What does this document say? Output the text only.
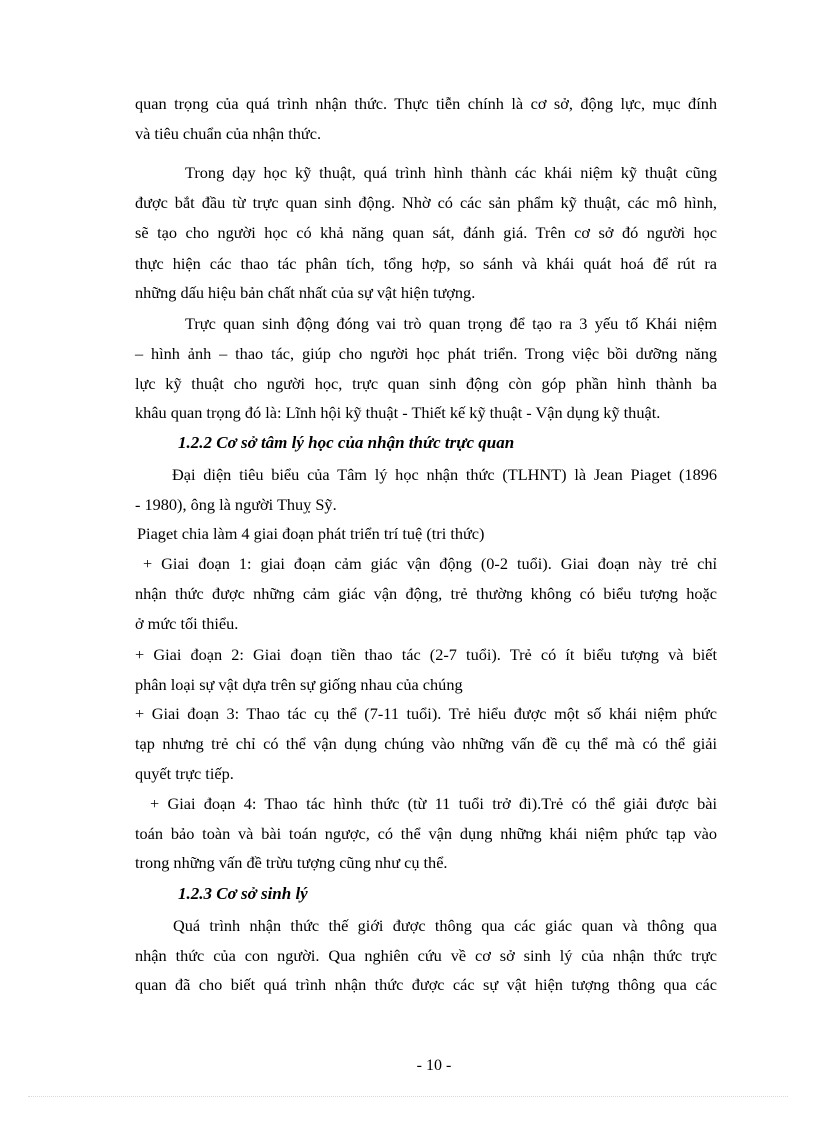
quan trọng của quá trình nhận thức. Thực tiễn chính là cơ sở, động lực, mục đính
và tiêu chuẩn của nhận thức.
Trong dạy học kỹ thuật, quá trình hình thành các khái niệm kỹ thuật cũng
được bắt đầu từ trực quan sinh động. Nhờ có các sản phẩm kỹ thuật, các mô hình,
sẽ tạo cho người học có khả năng quan sát, đánh giá. Trên cơ sở đó người học
thực hiện các thao tác phân tích, tổng hợp, so sánh và khái quát hoá để rút ra
những dấu hiệu bản chất nhất của sự vật hiện tượng.
Trực quan sinh động đóng vai trò quan trọng để tạo ra 3 yếu tố Khái niệm
– hình ảnh – thao tác, giúp cho người học phát triển. Trong việc bồi dưỡng năng
lực kỹ thuật cho người học, trực quan sinh động còn góp phần hình thành ba
khâu quan trọng đó là: Lĩnh hội kỹ thuật - Thiết kế kỹ thuật - Vận dụng kỹ thuật.
1.2.2 Cơ sở tâm lý học của nhận thức trực quan
Đại diện tiêu biểu của Tâm lý học nhận thức (TLHNT) là Jean Piaget (1896
- 1980), ông là người Thuỵ Sỹ.
Piaget chia làm 4 giai đoạn phát triển trí tuệ (tri thức)
+ Giai đoạn 1: giai đoạn cảm giác vận động (0-2 tuổi). Giai đoạn này trẻ chỉ
nhận thức được những cảm giác vận động, trẻ thường không có biểu tượng hoặc
ở mức tối thiểu.
+ Giai đoạn 2: Giai đoạn tiền thao tác (2-7 tuổi). Trẻ có ít biểu tượng và biết
phân loại sự vật dựa trên sự giống nhau của chúng
+ Giai đoạn 3: Thao tác cụ thể (7-11 tuổi). Trẻ hiểu được một số khái niệm phức
tạp nhưng trẻ chỉ có thể vận dụng chúng vào những vấn đề cụ thể mà có thể giải
quyết trực tiếp.
+ Giai đoạn 4: Thao tác hình thức (từ 11 tuổi trở đi).Trẻ có thể giải được bài
toán bảo toàn và bài toán ngược, có thể vận dụng những khái niệm phức tạp vào
trong những vấn đề trừu tượng cũng như cụ thể.
1.2.3 Cơ sở sinh lý
Quá trình nhận thức thế giới được thông qua các giác quan và thông qua
nhận thức của con người. Qua nghiên cứu về cơ sở sinh lý của nhận thức trực
quan đã cho biết quá trình nhận thức được các sự vật hiện tượng thông qua các
- 10 -
